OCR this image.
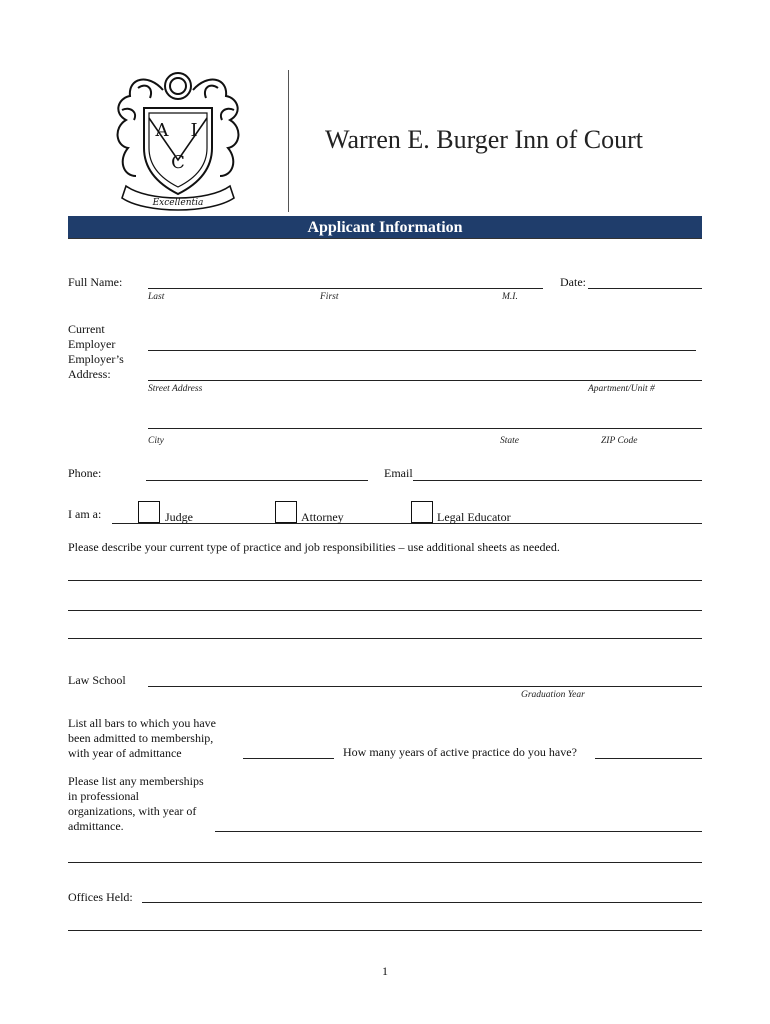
A I
C
Excellentia
Warren E. Burger Inn of Court
Applicant Information
Full Name:
Last	First	M.I.
Date:
Current
Employer
Employer’s
Address:
Street Address	Apartment/Unit #
City	State	ZIP Code
Phone:	Email
I am a:	Judge	Attorney	Legal Educator
Please describe your current type of practice and job responsibilities – use additional sheets as needed.
Law School
Graduation Year
List all bars to which you have
been admitted to membership,
with year of admittance	How many years of active practice do you have?
Please list any memberships
in professional
organizations, with year of
admittance.
Offices Held:
1
